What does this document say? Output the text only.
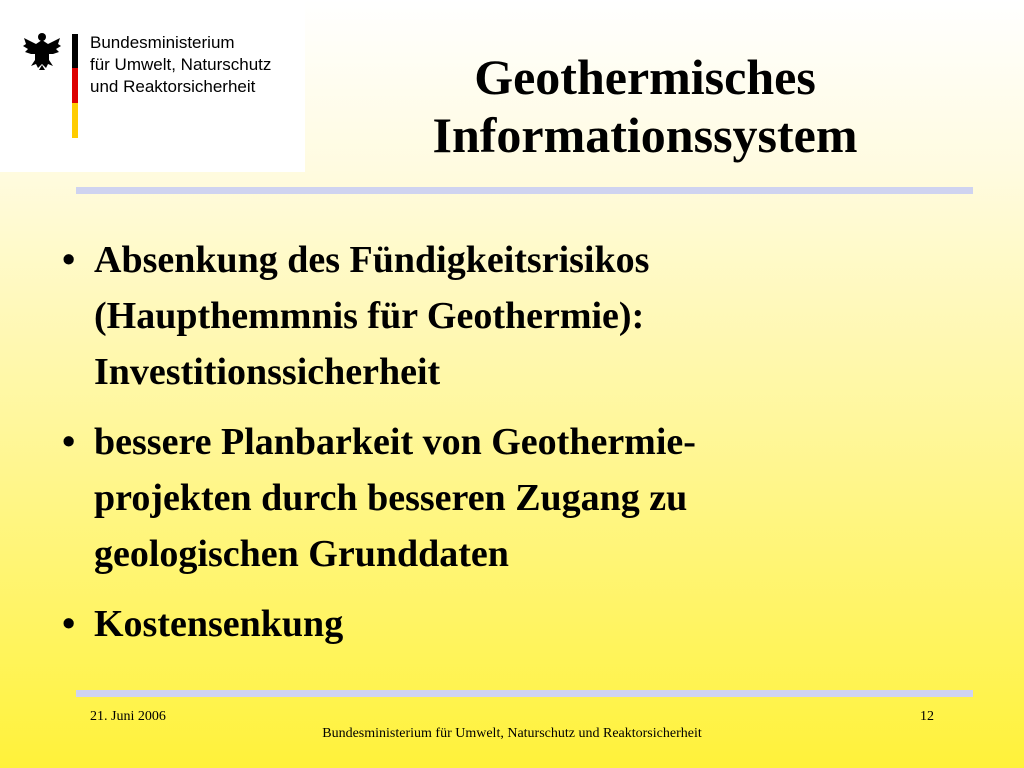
Bundesministerium
für Umwelt, Naturschutz
und Reaktorsicherheit	Geothermisches
Informationssystem
• Absenkung des Fündigkeitsrisikos
(Haupthemmnis für Geothermie):
Investitionssicherheit
• bessere Planbarkeit von Geothermie-
projekten durch besseren Zugang zu
geologischen Grunddaten
• Kostensenkung
21. Juni 2006	12
Bundesministerium für Umwelt, Naturschutz und Reaktorsicherheit
